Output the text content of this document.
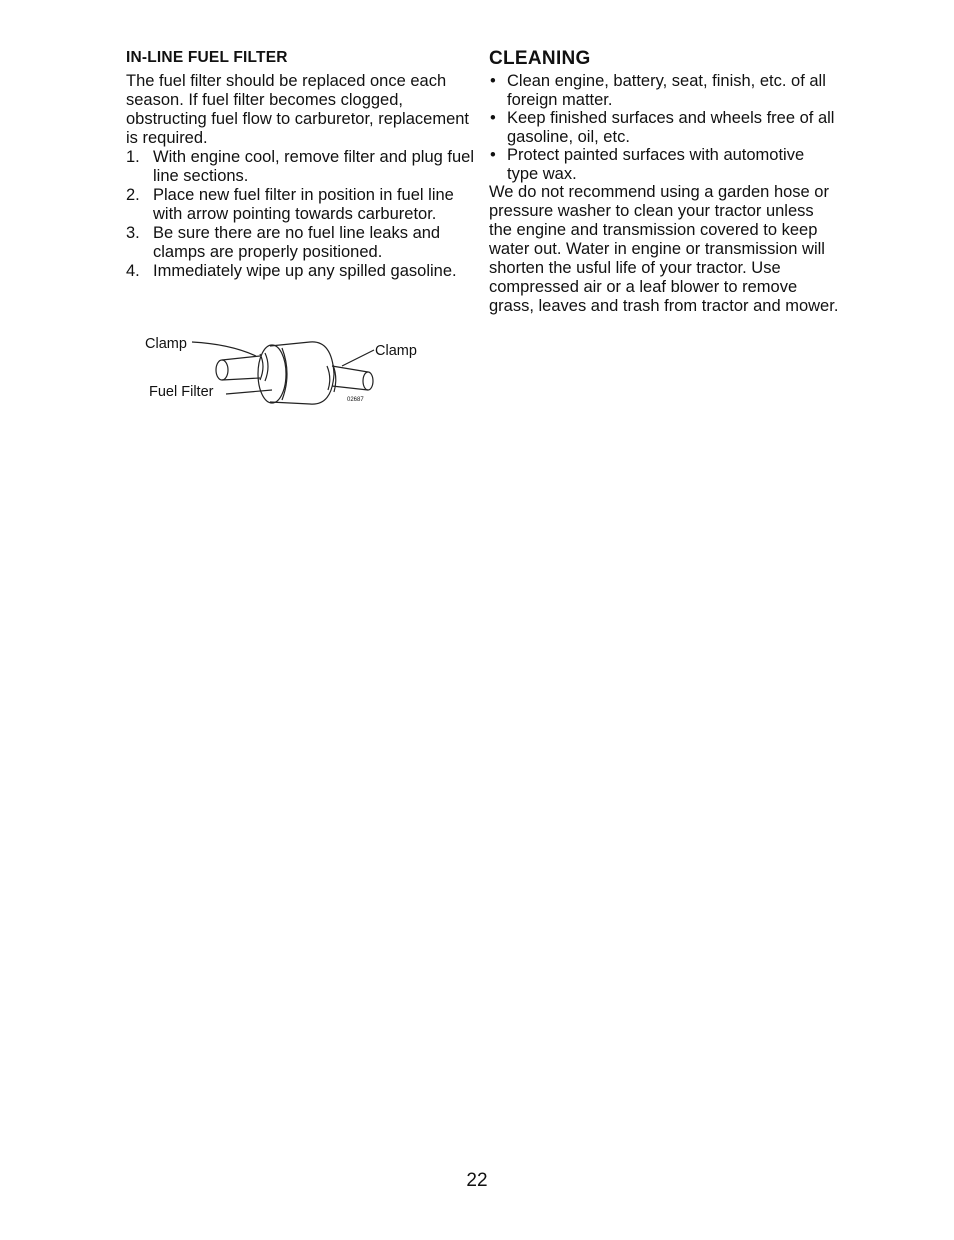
IN-LINE FUEL FILTER

The fuel filter should be replaced once each season. If fuel filter becomes clogged, obstructing fuel flow to carburetor, replacement is required.

1. With engine cool, remove filter and plug fuel line sections.
2. Place new fuel filter in position in fuel line with arrow pointing towards carburetor.
3. Be sure there are no fuel line leaks and clamps are properly positioned.
4. Immediately wipe up any spilled gasoline.
Clamp	Clamp
Fuel Filter	02687
CLEANING
• Clean engine, battery, seat, finish, etc. of all foreign matter.
• Keep finished surfaces and wheels free of all gasoline, oil, etc.
• Protect painted surfaces with automotive type wax.

We do not recommend using a garden hose or pressure washer to clean your tractor unless the engine and transmission covered to keep water out. Water in engine or transmission will shorten the usful life of your tractor. Use compressed air or a leaf blower to remove grass, leaves and trash from tractor and mower.

22
